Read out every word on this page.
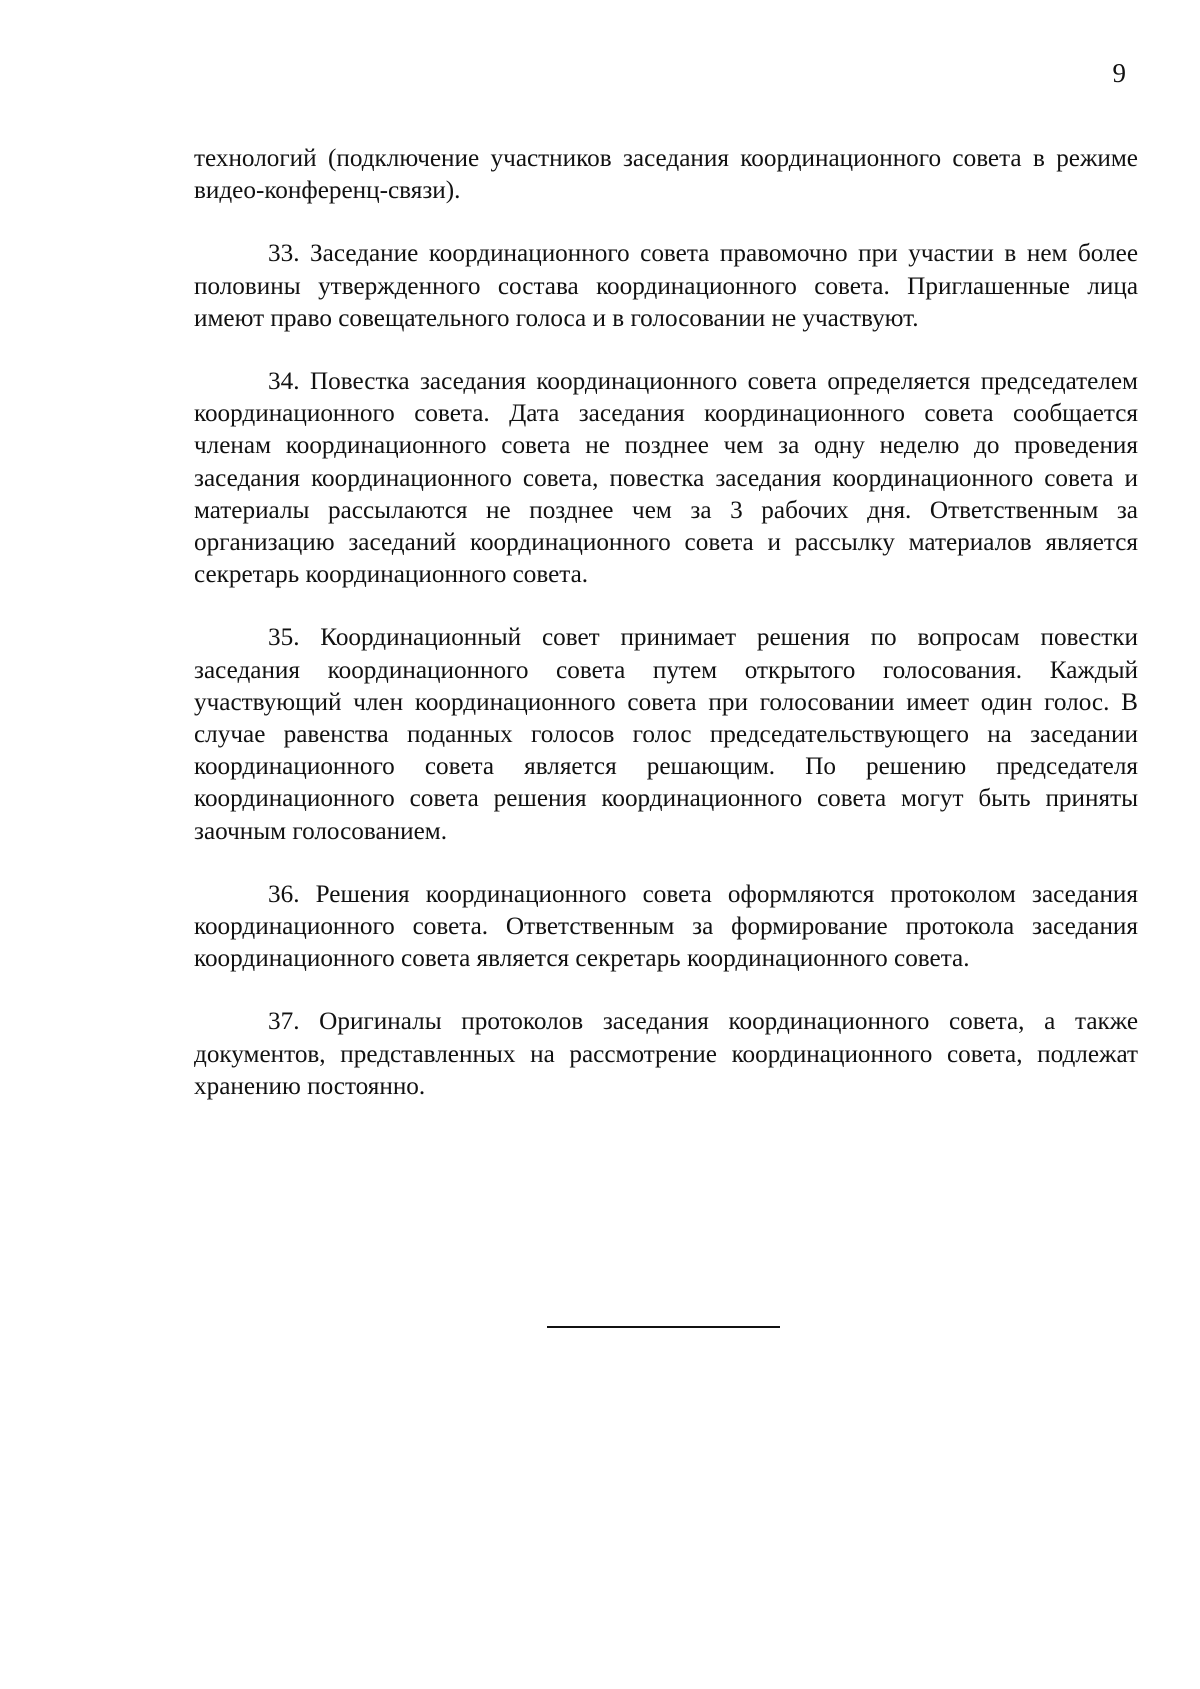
9

технологий (подключение участников заседания координационного совета в режиме видео-конференц-связи).

33. Заседание координационного совета правомочно при участии в нем более половины утвержденного состава координационного совета. Приглашенные лица имеют право совещательного голоса и в голосовании не участвуют.

34. Повестка заседания координационного совета определяется председателем координационного совета. Дата заседания координационного совета сообщается членам координационного совета не позднее чем за одну неделю до проведения заседания координационного совета, повестка заседания координационного совета и материалы рассылаются не позднее чем за 3 рабочих дня. Ответственным за организацию заседаний координационного совета и рассылку материалов является секретарь координационного совета.

35. Координационный совет принимает решения по вопросам повестки заседания координационного совета путем открытого голосования. Каждый участвующий член координационного совета при голосовании имеет один голос. В случае равенства поданных голосов голос председательствующего на заседании координационного совета является решающим. По решению председателя координационного совета решения координационного совета могут быть приняты заочным голосованием.

36. Решения координационного совета оформляются протоколом заседания координационного совета. Ответственным за формирование протокола заседания координационного совета является секретарь координационного совета.

37. Оригиналы протоколов заседания координационного совета, а также документов, представленных на рассмотрение координационного совета, подлежат хранению постоянно.
